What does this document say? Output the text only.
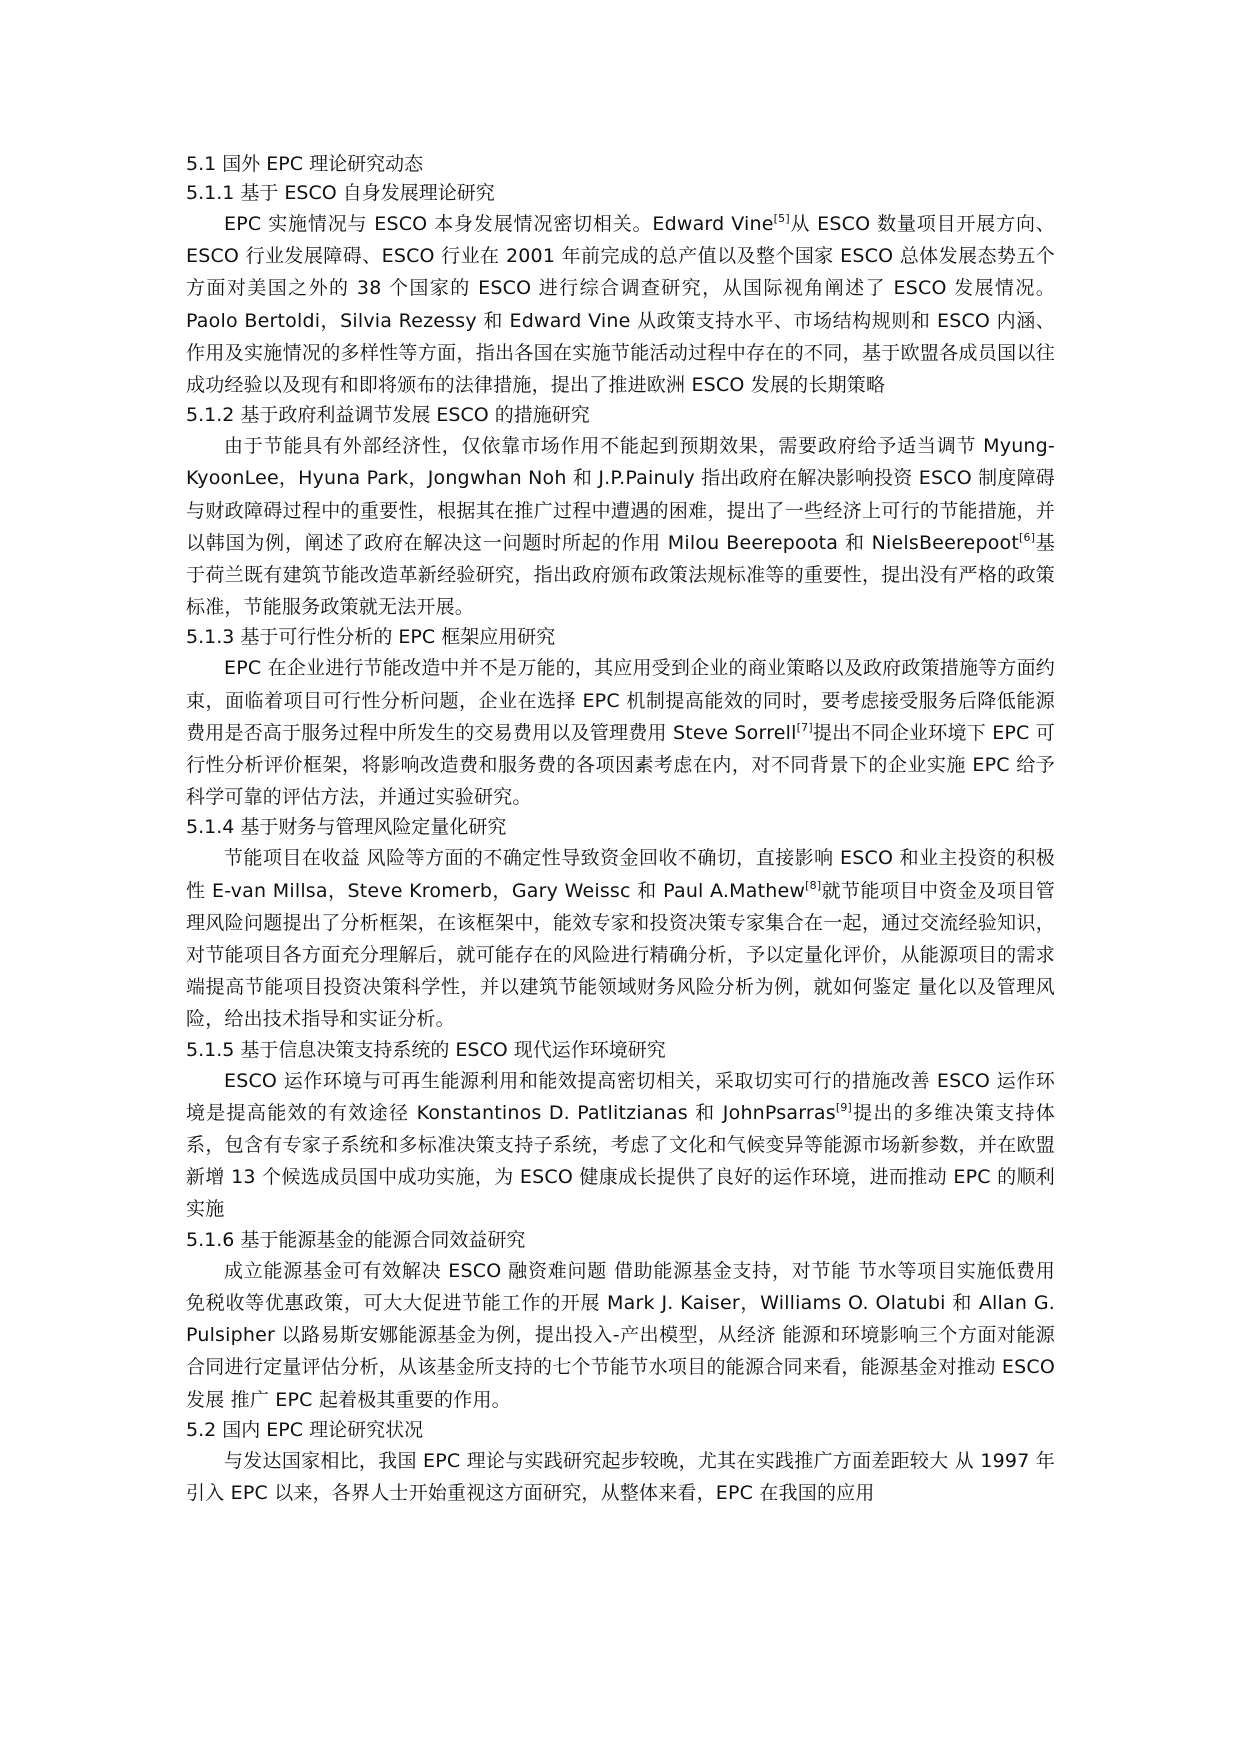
5.1 国外 EPC 理论研究动态

5.1.1 基于 ESCO 自身发展理论研究

EPC 实施情况与 ESCO 本身发展情况密切相关。Edward Vine[5]从 ESCO 数量项目开展方向、ESCO 行业发展障碍、ESCO 行业在 2001 年前完成的总产值以及整个国家 ESCO 总体发展态势五个方面对美国之外的 38 个国家的 ESCO 进行综合调查研究，从国际视角阐述了 ESCO 发展情况。Paolo Bertoldi，Silvia Rezessy 和 Edward Vine 从政策支持水平、市场结构规则和 ESCO 内涵、作用及实施情况的多样性等方面，指出各国在实施节能活动过程中存在的不同，基于欧盟各成员国以往成功经验以及现有和即将颁布的法律措施，提出了推进欧洲 ESCO 发展的长期策略

5.1.2 基于政府利益调节发展 ESCO 的措施研究

由于节能具有外部经济性，仅依靠市场作用不能起到预期效果，需要政府给予适当调节 Myung-KyoonLee，Hyuna Park，Jongwhan Noh 和 J.P.Painuly 指出政府在解决影响投资 ESCO 制度障碍与财政障碍过程中的重要性，根据其在推广过程中遭遇的困难，提出了一些经济上可行的节能措施，并以韩国为例，阐述了政府在解决这一问题时所起的作用 Milou Beerepoota 和 NielsBeerepoot[6]基于荷兰既有建筑节能改造革新经验研究，指出政府颁布政策法规标准等的重要性，提出没有严格的政策标准，节能服务政策就无法开展。

5.1.3 基于可行性分析的 EPC 框架应用研究

EPC 在企业进行节能改造中并不是万能的，其应用受到企业的商业策略以及政府政策措施等方面约束，面临着项目可行性分析问题，企业在选择 EPC 机制提高能效的同时，要考虑接受服务后降低能源费用是否高于服务过程中所发生的交易费用以及管理费用 Steve Sorrell[7]提出不同企业环境下 EPC 可行性分析评价框架，将影响改造费和服务费的各项因素考虑在内，对不同背景下的企业实施 EPC 给予科学可靠的评估方法，并通过实验研究。

5.1.4 基于财务与管理风险定量化研究

节能项目在收益 风险等方面的不确定性导致资金回收不确切，直接影响 ESCO 和业主投资的积极性 E-van Millsa，Steve Kromerb，Gary Weissc 和 Paul A.Mathew[8]就节能项目中资金及项目管理风险问题提出了分析框架，在该框架中，能效专家和投资决策专家集合在一起，通过交流经验知识，对节能项目各方面充分理解后，就可能存在的风险进行精确分析，予以定量化评价，从能源项目的需求端提高节能项目投资决策科学性，并以建筑节能领域财务风险分析为例，就如何鉴定 量化以及管理风险，给出技术指导和实证分析。

5.1.5 基于信息决策支持系统的 ESCO 现代运作环境研究

ESCO 运作环境与可再生能源利用和能效提高密切相关，采取切实可行的措施改善 ESCO 运作环境是提高能效的有效途径 Konstantinos D. Patlitzianas 和 JohnPsarras[9]提出的多维决策支持体系，包含有专家子系统和多标准决策支持子系统，考虑了文化和气候变异等能源市场新参数，并在欧盟新增 13 个候选成员国中成功实施，为 ESCO 健康成长提供了良好的运作环境，进而推动 EPC 的顺利实施

5.1.6 基于能源基金的能源合同效益研究

成立能源基金可有效解决 ESCO 融资难问题 借助能源基金支持，对节能 节水等项目实施低费用 免税收等优惠政策，可大大促进节能工作的开展 Mark J. Kaiser，Williams O. Olatubi 和 Allan G. Pulsipher 以路易斯安娜能源基金为例，提出投入-产出模型，从经济 能源和环境影响三个方面对能源合同进行定量评估分析，从该基金所支持的七个节能节水项目的能源合同来看，能源基金对推动 ESCO 发展 推广 EPC 起着极其重要的作用。

5.2 国内 EPC 理论研究状况

与发达国家相比，我国 EPC 理论与实践研究起步较晚，尤其在实践推广方面差距较大 从 1997 年引入 EPC 以来，各界人士开始重视这方面研究，从整体来看，EPC 在我国的应用
